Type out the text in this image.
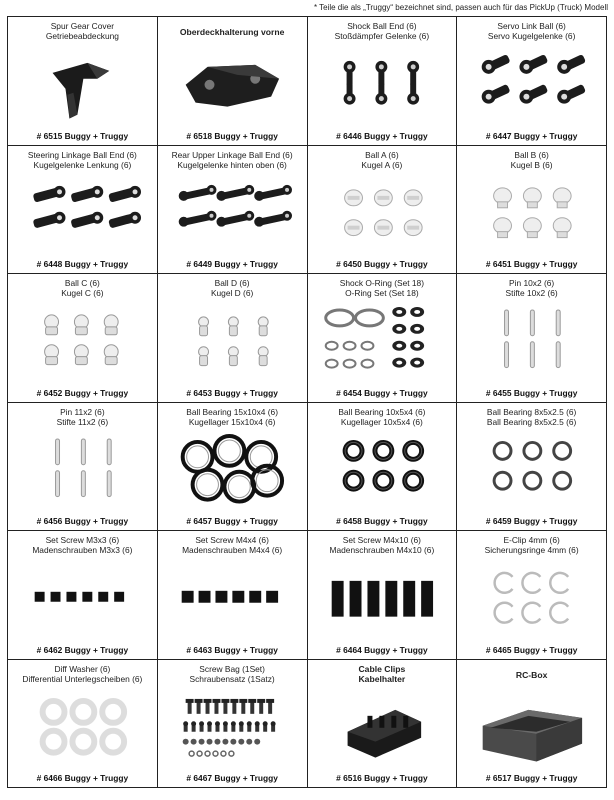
* Teile die als „Truggy“ bezeichnet sind, passen auch für das PickUp (Truck) Modell
Spur Gear Cover
Getriebeabdeckung
# 6515 Buggy + Truggy
Oberdeckhalterung vorne
# 6518 Buggy + Truggy
Shock Ball End (6)
Stoßdämpfer Gelenke (6)
# 6446 Buggy + Truggy
Servo Link Ball (6)
Servo Kugelgelenke (6)
# 6447 Buggy + Truggy
Steering Linkage Ball End (6)
Kugelgelenke Lenkung (6)
# 6448 Buggy + Truggy
Rear Upper Linkage Ball End (6)
Kugelgelenke hinten oben (6)
# 6449 Buggy + Truggy
Ball A (6)
Kugel A (6)
# 6450 Buggy + Truggy
Ball B (6)
Kugel B (6)
# 6451 Buggy + Truggy
Ball C (6)
Kugel C (6)
# 6452 Buggy + Truggy
Ball D (6)
Kugel D (6)
# 6453 Buggy + Truggy
Shock O-Ring (Set 18)
O-Ring Set (Set 18)
# 6454 Buggy + Truggy
Pin 10x2 (6)
Stifte 10x2 (6)
# 6455 Buggy + Truggy
Pin 11x2 (6)
Stifte 11x2 (6)
# 6456 Buggy + Truggy
Ball Bearing 15x10x4 (6)
Kugellager 15x10x4 (6)
# 6457 Buggy + Truggy
Ball Bearing 10x5x4 (6)
Kugellager 10x5x4 (6)
# 6458 Buggy + Truggy
Ball Bearing 8x5x2.5 (6)
Ball Bearing 8x5x2.5 (6)
# 6459 Buggy + Truggy
Set Screw M3x3 (6)
Madenschrauben M3x3 (6)
# 6462 Buggy + Truggy
Set Screw M4x4 (6)
Madenschrauben M4x4 (6)
# 6463 Buggy + Truggy
Set Screw M4x10 (6)
Madenschrauben M4x10 (6)
# 6464 Buggy + Truggy
E-Clip 4mm (6)
Sicherungsringe 4mm (6)
# 6465 Buggy + Truggy
Diff Washer (6)
Differential Unterlegscheiben (6)
# 6466 Buggy + Truggy
Screw Bag (1Set)
Schraubensatz (1Satz)
# 6467 Buggy + Truggy
Cable Clips
Kabelhalter
# 6516 Buggy + Truggy
RC-Box
# 6517 Buggy + Truggy
